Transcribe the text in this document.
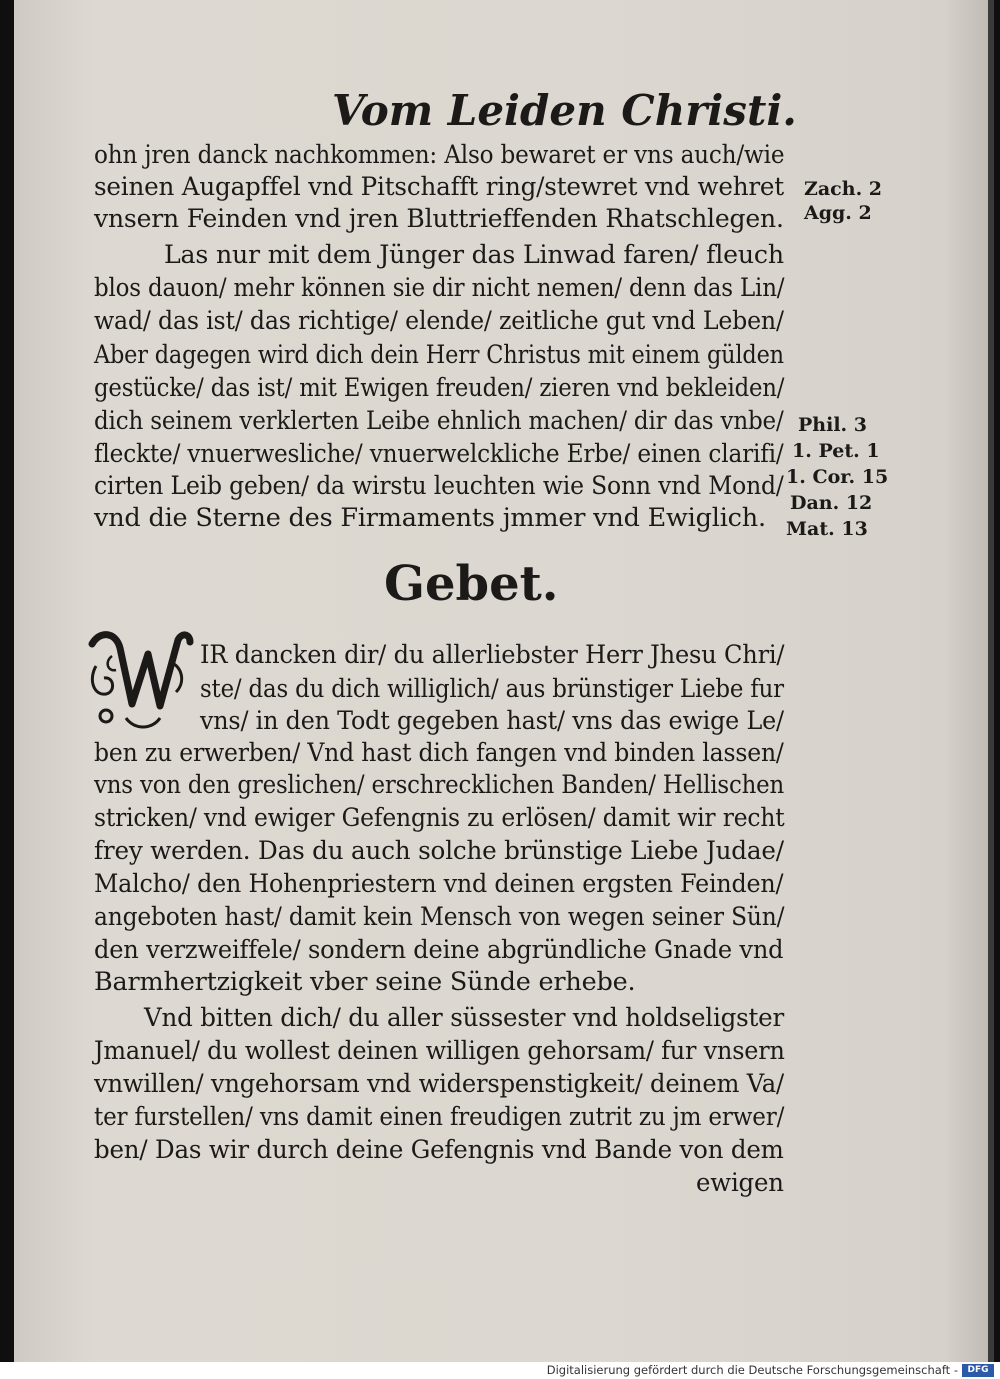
Vom Leiden Christi.
ohn jren danck nachkommen: Also bewaret er vns auch/wie
seinen Augapffel vnd Pitschafft ring/stewret vnd wehret
vnsern Feinden vnd jren Bluttrieffenden Rhatschlegen.
Las nur mit dem Jünger das Linwad faren/ fleuch
blos dauon/ mehr können sie dir nicht nemen/ denn das Lin/
wad/ das ist/ das richtige/ elende/ zeitliche gut vnd Leben/
Aber dagegen wird dich dein Herr Christus mit einem gülden
gestücke/ das ist/ mit Ewigen freuden/ zieren vnd bekleiden/
dich seinem verklerten Leibe ehnlich machen/ dir das vnbe/
fleckte/ vnuerwesliche/ vnuerwelckliche Erbe/ einen clarifi/
cirten Leib geben/ da wirstu leuchten wie Sonn vnd Mond/
vnd die Sterne des Firmaments jmmer vnd Ewiglich.
Zach. 2
Agg. 2
Phil. 3
1. Pet. 1
1. Cor. 15
Dan. 12
Mat. 13
Gebet.
IR dancken dir/ du allerliebster Herr Jhesu Chri/
ste/ das du dich williglich/ aus brünstiger Liebe fur
vns/ in den Todt gegeben hast/ vns das ewige Le/
ben zu erwerben/ Vnd hast dich fangen vnd binden lassen/
vns von den greslichen/ erschrecklichen Banden/ Hellischen
stricken/ vnd ewiger Gefengnis zu erlösen/ damit wir recht
frey werden. Das du auch solche brünstige Liebe Judae/
Malcho/ den Hohenpriestern vnd deinen ergsten Feinden/
angeboten hast/ damit kein Mensch von wegen seiner Sün/
den verzweiffele/ sondern deine abgründliche Gnade vnd
Barmhertzigkeit vber seine Sünde erhebe.
Vnd bitten dich/ du aller süssester vnd holdseligster
Jmanuel/ du wollest deinen willigen gehorsam/ fur vnsern
vnwillen/ vngehorsam vnd widerspenstigkeit/ deinem Va/
ter furstellen/ vns damit einen freudigen zutrit zu jm erwer/
ben/ Das wir durch deine Gefengnis vnd Bande von dem
ewigen
Digitalisierung gefördert durch die Deutsche Forschungsgemeinschaft -	DFG
